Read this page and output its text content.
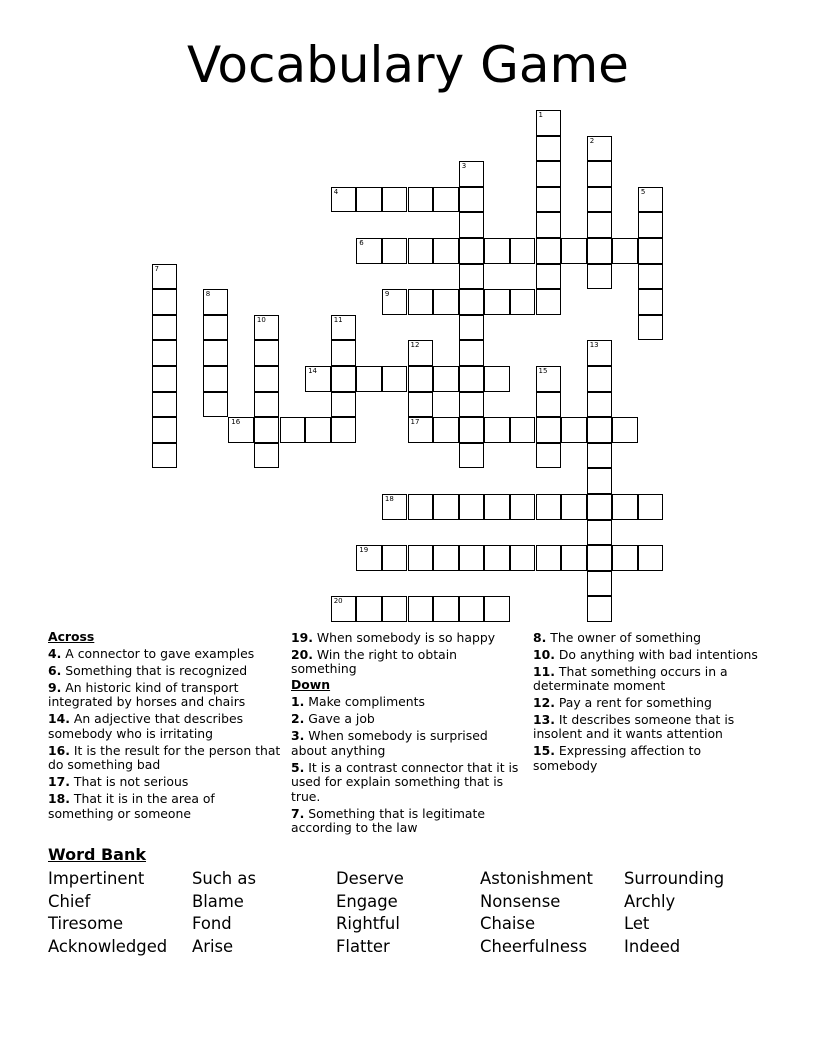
Vocabulary Game
4
6
9
14
16	17
18
19
20
1
2
3
5
7
8
10	11
12	13
15
Across
4. A connector to gave examples
6. Something that is recognized
9. An historic kind of transport integrated by horses and chairs
14. An adjective that describes somebody who is irritating
16. It is the result for the person that do something bad
17. That is not serious
18. That it is in the area of something or someone
19. When somebody is so happy
20. Win the right to obtain something
Down
1. Make compliments
2. Gave a job
3. When somebody is surprised about anything
5. It is a contrast connector that it is used for explain something that is true.
7. Something that is legitimate according to the law
8. The owner of something
10. Do anything with bad intentions
11. That something occurs in a determinate moment
12. Pay a rent for something
13. It describes someone that is insolent and it wants attention
15. Expressing affection to somebody
Word Bank
Impertinent
Chief
Tiresome
Acknowledged
Such as
Blame
Fond
Arise
Deserve
Engage
Rightful
Flatter
Astonishment
Nonsense
Chaise
Cheerfulness
Surrounding
Archly
Let
Indeed
